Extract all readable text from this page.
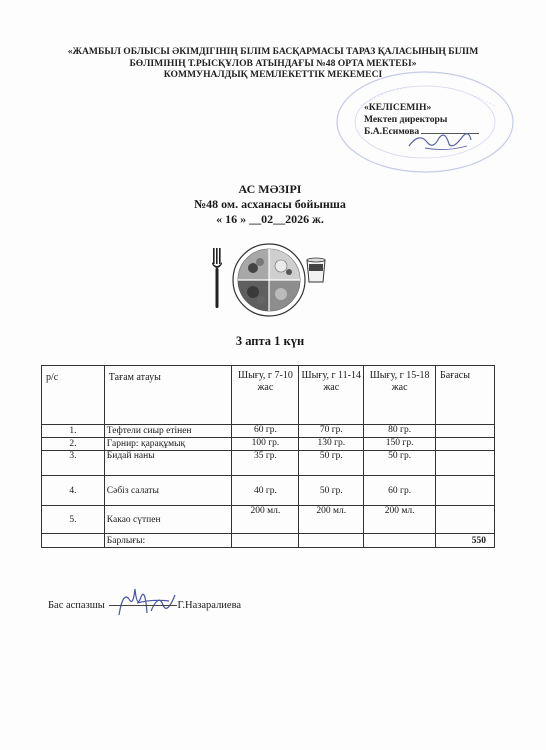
«ЖАМБЫЛ ОБЛЫСЫ ӘКІМДІГІНІҢ БІЛІМ БАСҚАРМАСЫ ТАРАЗ ҚАЛАСЫНЫҢ БІЛІМ
БӨЛІМІНІҢ Т.РЫСҚҰЛОВ АТЫНДАҒЫ №48 ОРТА МЕКТЕБІ»
КОММУНАЛДЫҚ МЕМЛЕКЕТТІК МЕКЕМЕСІ
«КЕЛІСЕМІН»
Мектеп директоры
Б.А.Есимова
АС МӘЗІРІ
№48 ом. асханасы бойынша
« 16 » __02__2026 ж.
3 апта 1 күн
р/с	Тағам атауы	Шығу, г 7-10 жас	Шығу, г 11-14 жас	Шығу, г 15-18 жас	Бағасы
1.	Тефтели сиыр етінен	60 гр.	70 гр.	80 гр.	
2.	Гарнир: қарақұмық	100 гр.	130 гр.	150 гр.	
3.	Бидай наны	35 гр.	50 гр.	50 гр.	
4.	Сәбіз салаты	40 гр.	50 гр.	60 гр.	
5.	Какао сүтпен	200 мл.	200 мл.	200 мл.	
	Барлығы:				550
Бас аспазшы	Г.Назаралиева
